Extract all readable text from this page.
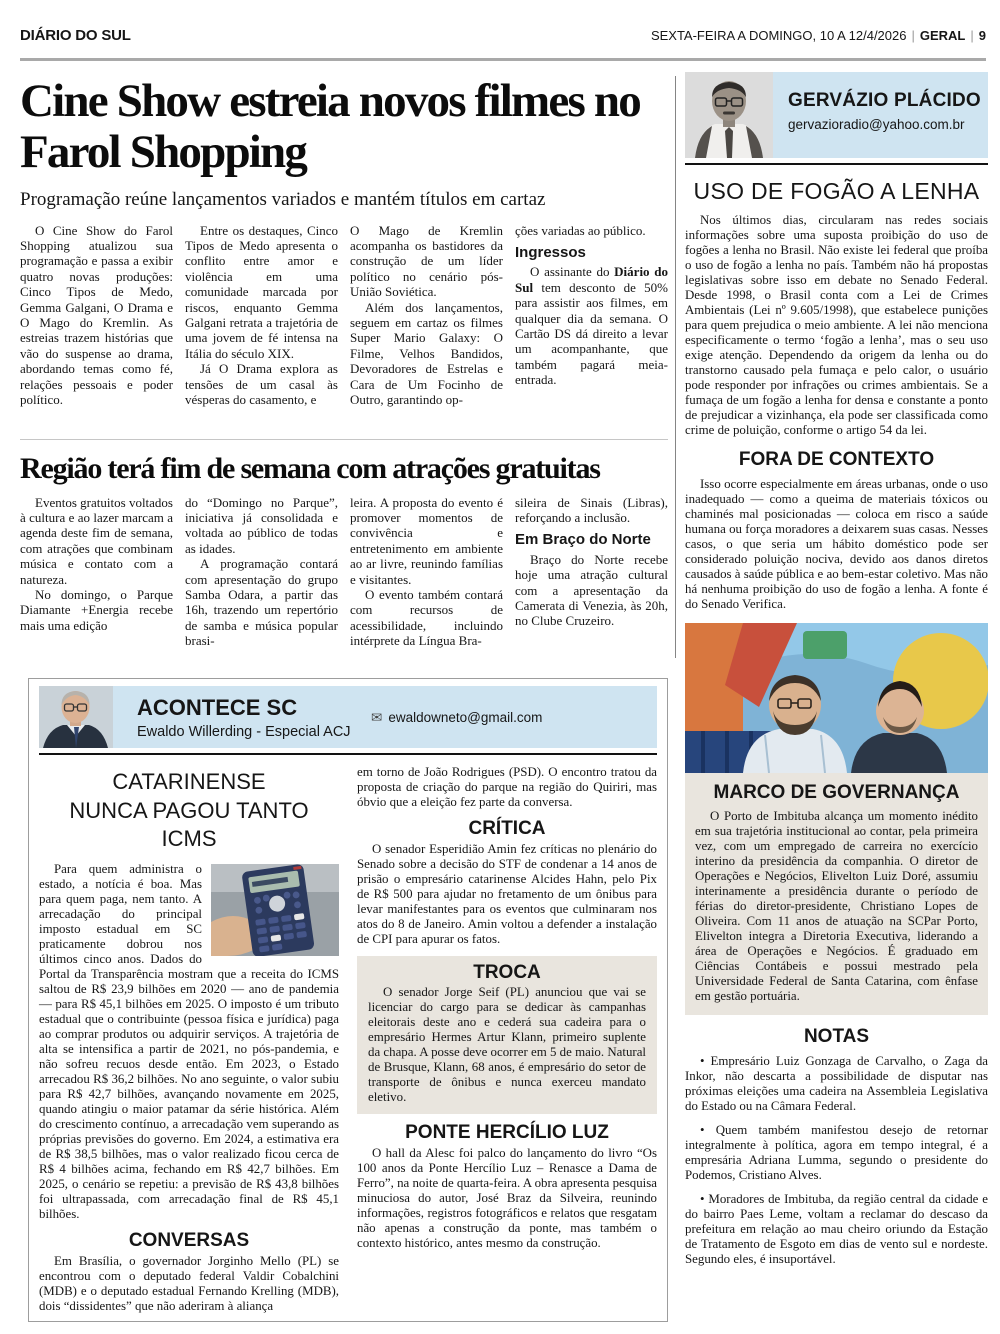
DIÁRIO DO SUL	SEXTA-FEIRA A DOMINGO, 10 A 12/4/2026 | GERAL | 9
Cine Show estreia novos filmes no Farol Shopping
Programação reúne lançamentos variados e mantém títulos em cartaz

O Cine Show do Farol Shopping atualizou sua programação e passa a exibir quatro novas produções: Cinco Tipos de Medo, Gemma Galgani, O Drama e O Mago do Kremlin. As estreias trazem histórias que vão do suspense ao drama, abordando temas como fé, relações pessoais e poder político.

Entre os destaques, Cinco Tipos de Medo apresenta o conflito entre amor e violência em uma comunidade marcada por riscos, enquanto Gemma Galgani retrata a trajetória de uma jovem de fé intensa na Itália do século XIX.

Já O Drama explora as tensões de um casal às vésperas do casamento, e

O Mago de Kremlin acompanha os bastidores da construção de um líder político no cenário pós-União Soviética.

Além dos lançamentos, seguem em cartaz os filmes Super Mario Galaxy: O Filme, Velhos Bandidos, Devoradores de Estrelas e Cara de Um Focinho de Outro, garantindo op-

ções variadas ao público.

Ingressos

O assinante do Diário do Sul tem desconto de 50% para assistir aos filmes, em qualquer dia da semana. O Cartão DS dá direito a levar um acompanhante, que também pagará meia-entrada.

Região terá fim de semana com atrações gratuitas

Eventos gratuitos voltados à cultura e ao lazer marcam a agenda deste fim de semana, com atrações que combinam música e contato com a natureza.

No domingo, o Parque Diamante +Energia recebe mais uma edição

do “Domingo no Parque”, iniciativa já consolidada e voltada ao público de todas as idades.

A programação contará com apresentação do grupo Samba Odara, a partir das 16h, trazendo um repertório de samba e música popular brasi-

leira. A proposta do evento é promover momentos de convivência e entretenimento em ambiente ao ar livre, reunindo famílias e visitantes.

O evento também contará com recursos de acessibilidade, incluindo intérprete da Língua Bra-

sileira de Sinais (Libras), reforçando a inclusão.

Em Braço do Norte

Braço do Norte recebe hoje uma atração cultural com a apresentação da Camerata di Venezia, às 20h, no Clube Cruzeiro.

GERVÁZIO PLÁCIDO
gervazioradio@yahoo.com.br
USO DE FOGÃO A LENHA

Nos últimos dias, circularam nas redes sociais informações sobre uma suposta proibição do uso de fogões a lenha no Brasil. Não existe lei federal que proíba o uso de fogão a lenha no país. Também não há propostas legislativas sobre isso em debate no Senado Federal. Desde 1998, o Brasil conta com a Lei de Crimes Ambientais (Lei nº 9.605/1998), que estabelece punições para quem prejudica o meio ambiente. A lei não menciona especificamente o termo ‘fogão a lenha’, mas o seu uso exige atenção. Dependendo da origem da lenha ou do transtorno causado pela fumaça e pelo calor, o usuário pode responder por infrações ou crimes ambientais. Se a fumaça de um fogão a lenha for densa e constante a ponto de prejudicar a vizinhança, ela pode ser classificada como crime de poluição, conforme o artigo 54 da lei.

FORA DE CONTEXTO

Isso ocorre especialmente em áreas urbanas, onde o uso inadequado — como a queima de materiais tóxicos ou chaminés mal posicionadas — coloca em risco a saúde humana ou força moradores a deixarem suas casas. Nesses casos, o que seria um hábito doméstico pode ser considerado poluição nociva, devido aos danos diretos causados à saúde pública e ao bem-estar coletivo. Mas não há nenhuma proibição do uso de fogão a lenha. A fonte é do Senado Verifica.

MARCO DE GOVERNANÇA

O Porto de Imbituba alcança um momento inédito em sua trajetória institucional ao contar, pela primeira vez, com um empregado de carreira no exercício interino da presidência da companhia. O diretor de Operações e Negócios, Elivelton Luiz Doré, assumiu interinamente a presidência durante o período de férias do diretor-presidente, Christiano Lopes de Oliveira. Com 11 anos de atuação na SCPar Porto, Elivelton integra a Diretoria Executiva, liderando a área de Operações e Negócios. É graduado em Ciências Contábeis e possui mestrado pela Universidade Federal de Santa Catarina, com ênfase em gestão portuária.

NOTAS

• Empresário Luiz Gonzaga de Carvalho, o Zaga da Inkor, não descarta a possibilidade de disputar nas próximas eleições uma cadeira na Assembleia Legislativa do Estado ou na Câmara Federal.

• Quem também manifestou desejo de retornar integralmente à política, agora em tempo integral, é a empresária Adriana Lumma, segundo o presidente do Podemos, Cristiano Alves.

• Moradores de Imbituba, da região central da cidade e do bairro Paes Leme, voltam a reclamar do descaso da prefeitura em relação ao mau cheiro oriundo da Estação de Tratamento de Esgoto em dias de vento sul e nordeste. Segundo eles, é insuportável.

ACONTECE SC
Ewaldo Willerding - Especial ACJ
✉ ewaldowneto@gmail.com
CATARINENSE
NUNCA PAGOU TANTO ICMS

Para quem administra o estado, a notícia é boa. Mas para quem paga, nem tanto. A arrecadação do principal imposto estadual em SC praticamente dobrou nos últimos cinco anos. Dados do Portal da Transparência mostram que a receita do ICMS saltou de R$ 23,9 bilhões em 2020 — ano de pandemia — para R$ 45,1 bilhões em 2025. O imposto é um tributo estadual que o contribuinte (pessoa física e jurídica) paga ao comprar produtos ou adquirir serviços. A trajetória de alta se intensifica a partir de 2021, no pós-pandemia, e não sofreu recuos desde então. Em 2023, o Estado arrecadou R$ 36,2 bilhões. No ano seguinte, o valor subiu para R$ 42,7 bilhões, avançando novamente em 2025, quando atingiu o maior patamar da série histórica. Além do crescimento contínuo, a arrecadação vem superando as próprias previsões do governo. Em 2024, a estimativa era de R$ 38,5 bilhões, mas o valor realizado ficou cerca de R$ 4 bilhões acima, fechando em R$ 42,7 bilhões. Em 2025, o cenário se repetiu: a previsão de R$ 43,8 bilhões foi ultrapassada, com arrecadação final de R$ 45,1 bilhões.

CONVERSAS

Em Brasília, o governador Jorginho Mello (PL) se encontrou com o deputado federal Valdir Cobalchini (MDB) e o deputado estadual Fernando Krelling (MDB), dois “dissidentes” que não aderiram à aliança

em torno de João Rodrigues (PSD). O encontro tratou da proposta de criação do parque na região do Quiriri, mas óbvio que a eleição fez parte da conversa.

CRÍTICA

O senador Esperidião Amin fez críticas no plenário do Senado sobre a decisão do STF de condenar a 14 anos de prisão o empresário catarinense Alcides Hahn, pelo Pix de R$ 500 para ajudar no fretamento de um ônibus para levar manifestantes para os eventos que culminaram nos atos do 8 de Janeiro. Amin voltou a defender a instalação de CPI para apurar os fatos.

TROCA

O senador Jorge Seif (PL) anunciou que vai se licenciar do cargo para se dedicar às campanhas eleitorais deste ano e cederá sua cadeira para o empresário Hermes Artur Klann, primeiro suplente da chapa. A posse deve ocorrer em 5 de maio. Natural de Brusque, Klann, 68 anos, é empresário do setor de transporte de ônibus e nunca exerceu mandato eletivo.

PONTE HERCÍLIO LUZ

O hall da Alesc foi palco do lançamento do livro “Os 100 anos da Ponte Hercílio Luz – Renasce a Dama de Ferro”, na noite de quarta-feira. A obra apresenta pesquisa minuciosa do autor, José Braz da Silveira, reunindo informações, registros fotográficos e relatos que resgatam não apenas a construção da ponte, mas também o contexto histórico, antes mesmo da construção.
